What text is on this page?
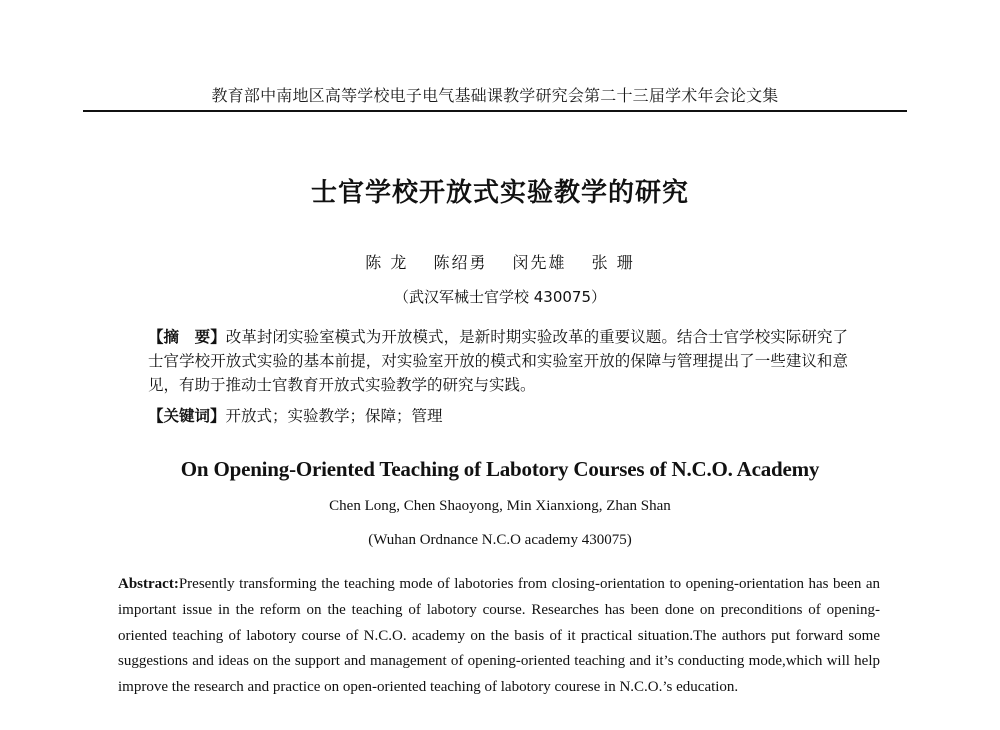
教育部中南地区高等学校电子电气基础课教学研究会第二十三届学术年会论文集
士官学校开放式实验教学的研究
陈 龙 陈绍勇 闵先雄 张 珊
（武汉军械士官学校 430075）
【摘　要】改革封闭实验室模式为开放模式，是新时期实验改革的重要议题。结合士官学校实际研究了士官学校开放式实验的基本前提，对实验室开放的模式和实验室开放的保障与管理提出了一些建议和意见，有助于推动士官教育开放式实验教学的研究与实践。
【关键词】开放式；实验教学；保障；管理
On Opening-Oriented Teaching of Labotory Courses of N.C.O. Academy
Chen Long, Chen Shaoyong, Min Xianxiong, Zhan Shan
(Wuhan Ordnance N.C.O academy 430075)
Abstract:Presently transforming the teaching mode of labotories from closing-orientation to opening-orientation has been an important issue in the reform on the teaching of labotory course. Researches has been done on preconditions of opening-oriented teaching of labotory course of N.C.O. academy on the basis of it practical situation.The authors put forward some suggestions and ideas on the support and management of opening-oriented teaching and it’s conducting mode,which will help improve the research and practice on open-oriented teaching of labotory courese in N.C.O.’s education.
